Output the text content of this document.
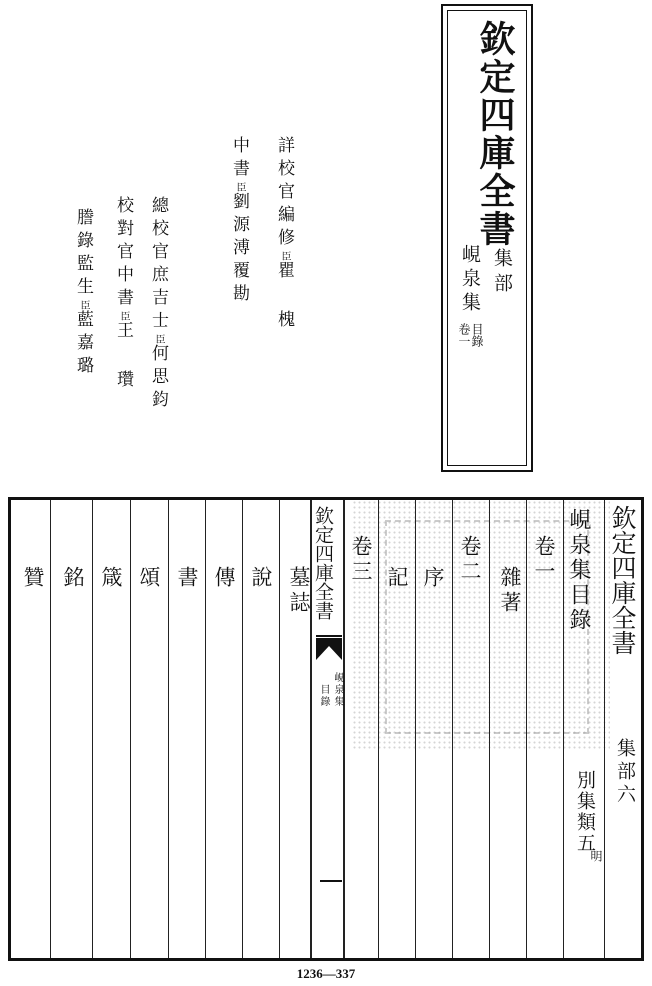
欽定四庫全書
集部
峴泉集
目錄
卷一
詳校官編修臣瞿 槐
中書臣劉源溥覆勘
總校官庶吉士臣何思鈞
校對官中書臣王 瓚
謄錄監生臣藍嘉璐
欽定四庫全書
集部六
別集類五
明
峴泉集目錄
卷一
雜著
卷二
序
記
卷三
墓誌
說
傳
書
頌
箴
銘
贊	欽定四庫全書
峴泉集
目錄
1236—337
